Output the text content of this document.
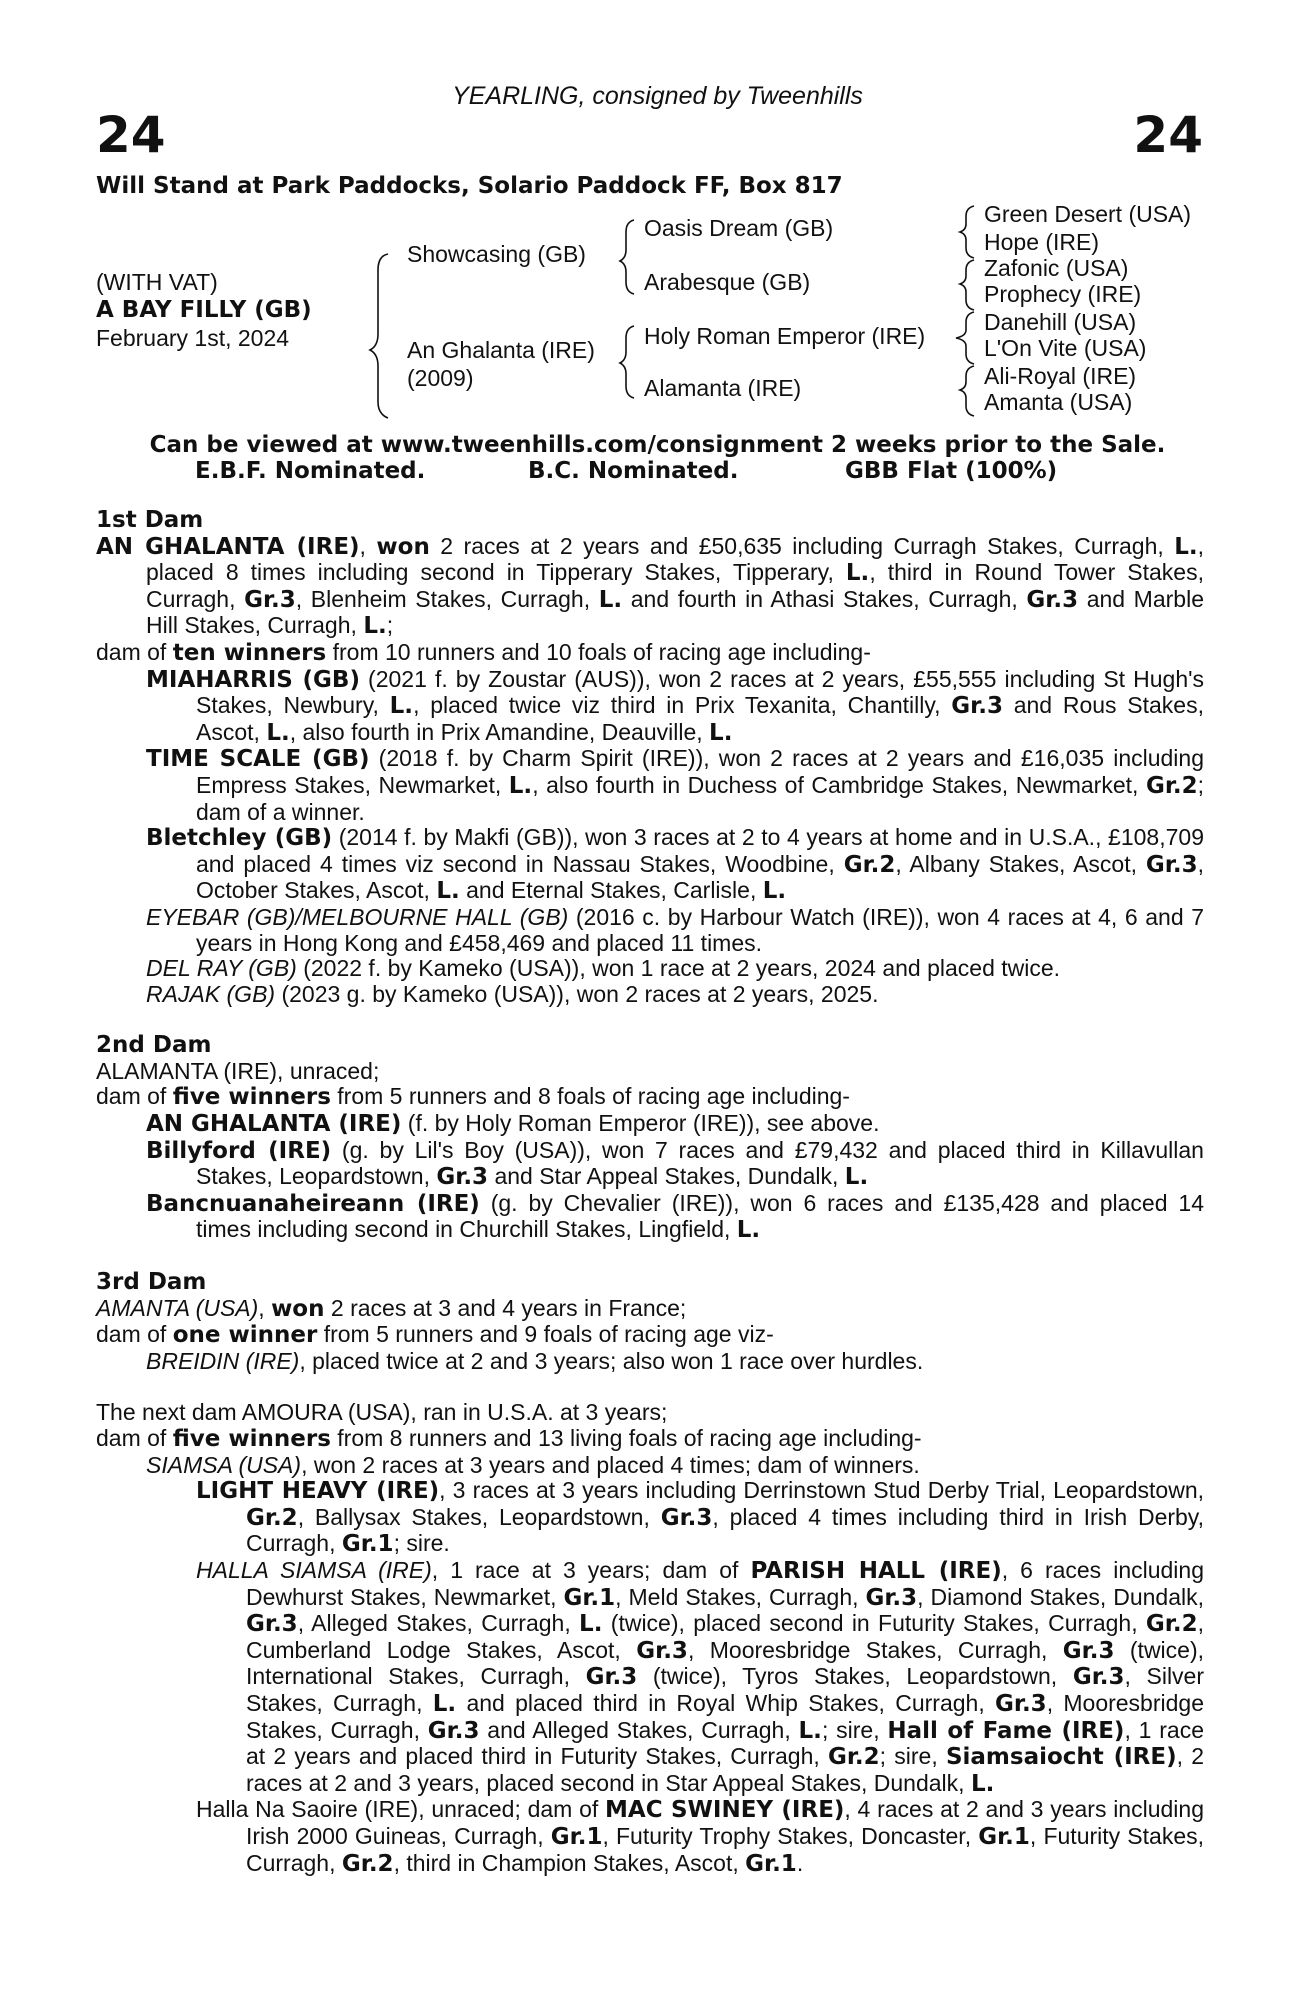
YEARLING, consigned by Tweenhills
24	24
Will Stand at Park Paddocks, Solario Paddock FF, Box 817
(WITH VAT)
A BAY FILLY (GB)
February 1st, 2024
Showcasing (GB)
An Ghalanta (IRE)
(2009)
Oasis Dream (GB)
Arabesque (GB)
Holy Roman Emperor (IRE)
Alamanta (IRE)
Green Desert (USA)
Hope (IRE)
Zafonic (USA)
Prophecy (IRE)
Danehill (USA)
L'On Vite (USA)
Ali-Royal (IRE)
Amanta (USA)
Can be viewed at www.tweenhills.com/consignment 2 weeks prior to the Sale.
E.B.F. Nominated.	B.C. Nominated.	GBB Flat (100%)
1st Dam
AN GHALANTA (IRE), won 2 races at 2 years and £50,635 including Curragh Stakes, Curragh, L., placed 8 times including second in Tipperary Stakes, Tipperary, L., third in Round Tower Stakes, Curragh, Gr.3, Blenheim Stakes, Curragh, L. and fourth in Athasi Stakes, Curragh, Gr.3 and Marble Hill Stakes, Curragh, L.;
dam of ten winners from 10 runners and 10 foals of racing age including-
MIAHARRIS (GB) (2021 f. by Zoustar (AUS)), won 2 races at 2 years, £55,555 including St Hugh's Stakes, Newbury, L., placed twice viz third in Prix Texanita, Chantilly, Gr.3 and Rous Stakes, Ascot, L., also fourth in Prix Amandine, Deauville, L.
TIME SCALE (GB) (2018 f. by Charm Spirit (IRE)), won 2 races at 2 years and £16,035 including Empress Stakes, Newmarket, L., also fourth in Duchess of Cambridge Stakes, Newmarket, Gr.2; dam of a winner.
Bletchley (GB) (2014 f. by Makfi (GB)), won 3 races at 2 to 4 years at home and in U.S.A., £108,709 and placed 4 times viz second in Nassau Stakes, Woodbine, Gr.2, Albany Stakes, Ascot, Gr.3, October Stakes, Ascot, L. and Eternal Stakes, Carlisle, L.
EYEBAR (GB)/MELBOURNE HALL (GB) (2016 c. by Harbour Watch (IRE)), won 4 races at 4, 6 and 7 years in Hong Kong and £458,469 and placed 11 times.
DEL RAY (GB) (2022 f. by Kameko (USA)), won 1 race at 2 years, 2024 and placed twice.
RAJAK (GB) (2023 g. by Kameko (USA)), won 2 races at 2 years, 2025.
2nd Dam
ALAMANTA (IRE), unraced;
dam of five winners from 5 runners and 8 foals of racing age including-
AN GHALANTA (IRE) (f. by Holy Roman Emperor (IRE)), see above.
Billyford (IRE) (g. by Lil's Boy (USA)), won 7 races and £79,432 and placed third in Killavullan Stakes, Leopardstown, Gr.3 and Star Appeal Stakes, Dundalk, L.
Bancnuanaheireann (IRE) (g. by Chevalier (IRE)), won 6 races and £135,428 and placed 14 times including second in Churchill Stakes, Lingfield, L.
3rd Dam
AMANTA (USA), won 2 races at 3 and 4 years in France;
dam of one winner from 5 runners and 9 foals of racing age viz-
BREIDIN (IRE), placed twice at 2 and 3 years; also won 1 race over hurdles.
The next dam AMOURA (USA), ran in U.S.A. at 3 years;
dam of five winners from 8 runners and 13 living foals of racing age including-
SIAMSA (USA), won 2 races at 3 years and placed 4 times; dam of winners.
LIGHT HEAVY (IRE), 3 races at 3 years including Derrinstown Stud Derby Trial, Leopardstown, Gr.2, Ballysax Stakes, Leopardstown, Gr.3, placed 4 times including third in Irish Derby, Curragh, Gr.1; sire.
HALLA SIAMSA (IRE), 1 race at 3 years; dam of PARISH HALL (IRE), 6 races including Dewhurst Stakes, Newmarket, Gr.1, Meld Stakes, Curragh, Gr.3, Diamond Stakes, Dundalk, Gr.3, Alleged Stakes, Curragh, L. (twice), placed second in Futurity Stakes, Curragh, Gr.2, Cumberland Lodge Stakes, Ascot, Gr.3, Mooresbridge Stakes, Curragh, Gr.3 (twice), International Stakes, Curragh, Gr.3 (twice), Tyros Stakes, Leopardstown, Gr.3, Silver Stakes, Curragh, L. and placed third in Royal Whip Stakes, Curragh, Gr.3, Mooresbridge Stakes, Curragh, Gr.3 and Alleged Stakes, Curragh, L.; sire, Hall of Fame (IRE), 1 race at 2 years and placed third in Futurity Stakes, Curragh, Gr.2; sire, Siamsaiocht (IRE), 2 races at 2 and 3 years, placed second in Star Appeal Stakes, Dundalk, L.
Halla Na Saoire (IRE), unraced; dam of MAC SWINEY (IRE), 4 races at 2 and 3 years including Irish 2000 Guineas, Curragh, Gr.1, Futurity Trophy Stakes, Doncaster, Gr.1, Futurity Stakes, Curragh, Gr.2, third in Champion Stakes, Ascot, Gr.1.
